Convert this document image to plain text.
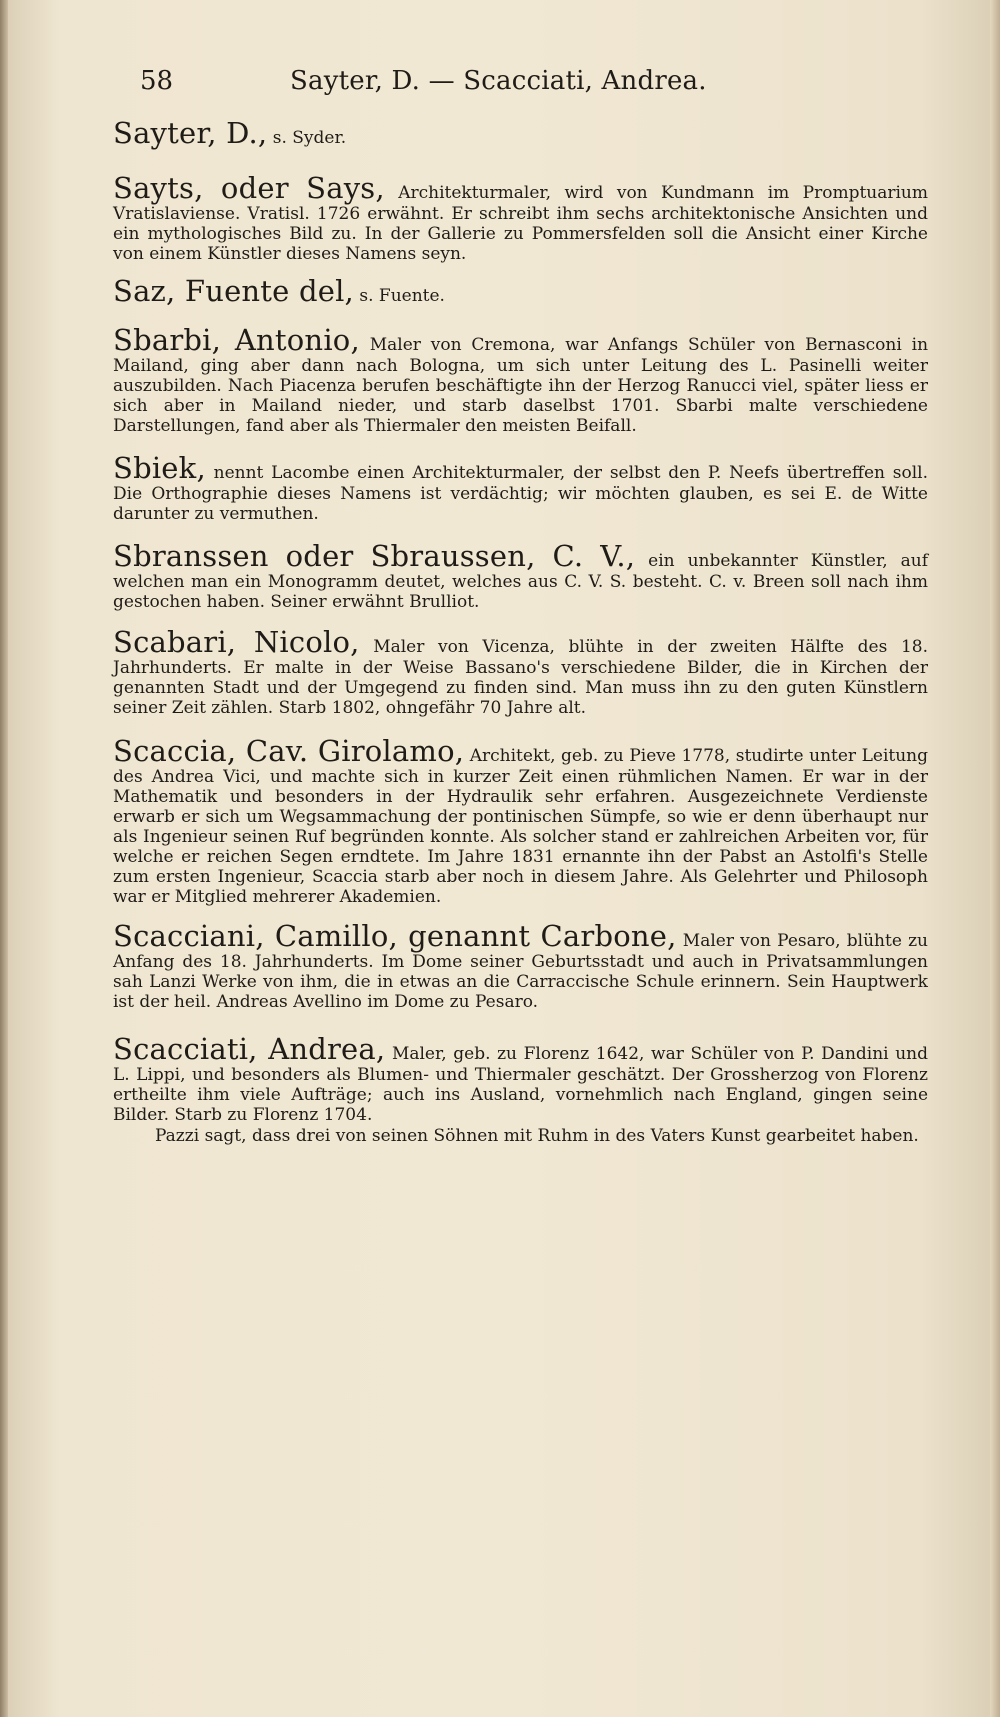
58	Sayter, D. — Scacciati, Andrea.

Sayter, D., s. Syder.

Sayts, oder Says, Architekturmaler, wird von Kundmann im Promptuarium Vratislaviense. Vratisl. 1726 erwähnt. Er schreibt ihm sechs architektonische Ansichten und ein mythologisches Bild zu. In der Gallerie zu Pommersfelden soll die Ansicht einer Kirche von einem Künstler dieses Namens seyn.

Saz, Fuente del, s. Fuente.

Sbarbi, Antonio, Maler von Cremona, war Anfangs Schüler von Bernasconi in Mailand, ging aber dann nach Bologna, um sich unter Leitung des L. Pasinelli weiter auszubilden. Nach Piacenza berufen beschäftigte ihn der Herzog Ranucci viel, später liess er sich aber in Mailand nieder, und starb daselbst 1701. Sbarbi malte verschiedene Darstellungen, fand aber als Thiermaler den meisten Beifall.

Sbiek, nennt Lacombe einen Architekturmaler, der selbst den P. Neefs übertreffen soll. Die Orthographie dieses Namens ist verdächtig; wir möchten glauben, es sei E. de Witte darunter zu vermuthen.

Sbranssen oder Sbraussen, C. V., ein unbekannter Künstler, auf welchen man ein Monogramm deutet, welches aus C. V. S. besteht. C. v. Breen soll nach ihm gestochen haben. Seiner erwähnt Brulliot.

Scabari, Nicolo, Maler von Vicenza, blühte in der zweiten Hälfte des 18. Jahrhunderts. Er malte in der Weise Bassano's verschiedene Bilder, die in Kirchen der genannten Stadt und der Umgegend zu finden sind. Man muss ihn zu den guten Künstlern seiner Zeit zählen. Starb 1802, ohngefähr 70 Jahre alt.

Scaccia, Cav. Girolamo, Architekt, geb. zu Pieve 1778, studirte unter Leitung des Andrea Vici, und machte sich in kurzer Zeit einen rühmlichen Namen. Er war in der Mathematik und besonders in der Hydraulik sehr erfahren. Ausgezeichnete Verdienste erwarb er sich um Wegsammachung der pontinischen Sümpfe, so wie er denn überhaupt nur als Ingenieur seinen Ruf begründen konnte. Als solcher stand er zahlreichen Arbeiten vor, für welche er reichen Segen erndtete. Im Jahre 1831 ernannte ihn der Pabst an Astolfi's Stelle zum ersten Ingenieur, Scaccia starb aber noch in diesem Jahre. Als Gelehrter und Philosoph war er Mitglied mehrerer Akademien.

Scacciani, Camillo, genannt Carbone, Maler von Pesaro, blühte zu Anfang des 18. Jahrhunderts. Im Dome seiner Geburtsstadt und auch in Privatsammlungen sah Lanzi Werke von ihm, die in etwas an die Carraccische Schule erinnern. Sein Hauptwerk ist der heil. Andreas Avellino im Dome zu Pesaro.

Scacciati, Andrea, Maler, geb. zu Florenz 1642, war Schüler von P. Dandini und L. Lippi, und besonders als Blumen- und Thiermaler geschätzt. Der Grossherzog von Florenz ertheilte ihm viele Aufträge; auch ins Ausland, vornehmlich nach England, gingen seine Bilder. Starb zu Florenz 1704.

Pazzi sagt, dass drei von seinen Söhnen mit Ruhm in des Vaters Kunst gearbeitet haben.
